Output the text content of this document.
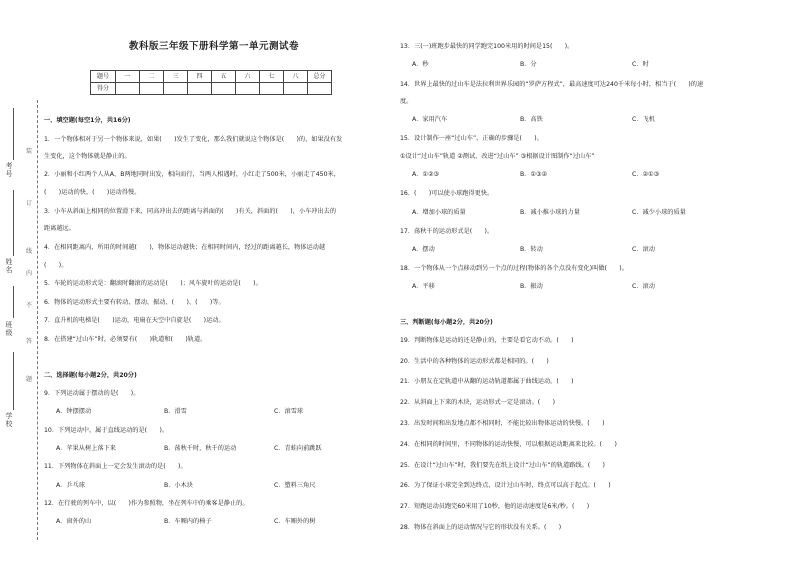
考号
姓名
班级
学校
装
订
线
内
不
答
题
教科版三年级下册科学第一单元测试卷
题号	一	二	三	四	五	六	七	八	总分
得分									
一、填空题(每空1分，共16分)
1．一个物体相对于另一个物体来说，如果(　　)发生了变化，那么我们就说这个物体是(　　)的，如果没有发
生变化，这个物体就是静止的。
2．小丽和小红两个人从A、B两地同时出发，相向而行，当两人相遇时，小红走了500米，小丽走了450米，
(　　)运动的快，(　　)运动得慢。
3．小车从斜面上相同的位置滑下来，同高冲出去的距离与斜面的(　　)有关，斜面的(　　)，小车冲出去的
距离越远。
4．在相同距离内，所用的时间越(　　)，物体运动越快；在相同时间内，经过的距离越长，物体运动越
(　　)。
5．车轮的运动形式是：翻滚时翻滚的运动是(　　)；风车旋叶的运动是(　　)。
6．物体的运动形式主要有转动、摆动、振动、(　　)、(　　)等。
7．直升机的电梯是(　　)运动，电扇在天空中自旋是(　　)运动。
8．在搭建“过山车”时，必须要有(　　)轨道和(　　)轨道。
二、选择题(每小题2分，共20分)
9．下列运动属于摆动的是(　　)。
A．钟摆摆动	B．滑雪	C．滚雪球
10．下列运动中，属于直线运动的是(　　)。
A．苹果从树上落下来	B．荡秋千时，秋千的运动	C．青蛙向前跳跃
11．下列物体在斜面上一定会发生滚动的是(　　)。
A．乒乓球	B．小木块	C．塑料三角尺
12．在行驶的列车中，以(　　)作为参照物，坐在列车中的乘客是静止的。
A．窗外的山	B．车厢内的椅子	C．车厢外的树
13．三(一)班跑步最快的同学跑完100米用的时间是15(　　)。
A．秒	B．分	C．时
14．世界上最快的过山车是法拉利世界乐园的“罗萨方程式”，最高速度可达240千米每小时，相当于(　　)的速
度。
A．家用汽车	B．高铁	C．飞机
15．设计制作一座“过山车”，正确的步骤是(　　)。
①设计“过山车”轨道 ②测试、改进“过山车” ③根据设计图制作“过山车”
A．①②③	B．①③②	C．②①③
16．(　　)可以使小球跑得更快。
A．增加小球的质量	B．减小推小球的力量	C．减少小球的质量
17．荡秋千的运动形式是(　　)。
A．摆动	B．转动	C．滚动
18．一个物体从一个点移动到另一个点的过程(物体的各个点没有变化)叫做(　　)。
A．平移	B．振动	C．滚动
三、判断题(每小题2分，共20分)
19．判断物体是运动的还是静止的，主要是看它动不动。(　　)
20．生活中的各种物体的运动形式都是相同的。(　　)
21．小朋友在定轨道中从翻的运动轨道都属于曲线运动。(　　)
22．从斜面上下来的木块，运动形式一定是滚动。(　　)
23．出发时间和出发地点都不相同时，不能比较出物体运动的快慢。(　　)
24．在相同的时间里，不同物体的运动快慢，可以根据运动距离来比较。(　　)
25．在设计“过山车”时，我们要先在纸上设计“过山车”的轨道路线。(　　)
26．为了保证小球完全到达终点，设计过山车时，终点可以高于起点。(　　)
27．短跑运动员跑完60米用了10秒，他的运动速度是6米/秒。(　　)
28．物体在斜面上的运动情况与它的形状没有关系。(　　)
